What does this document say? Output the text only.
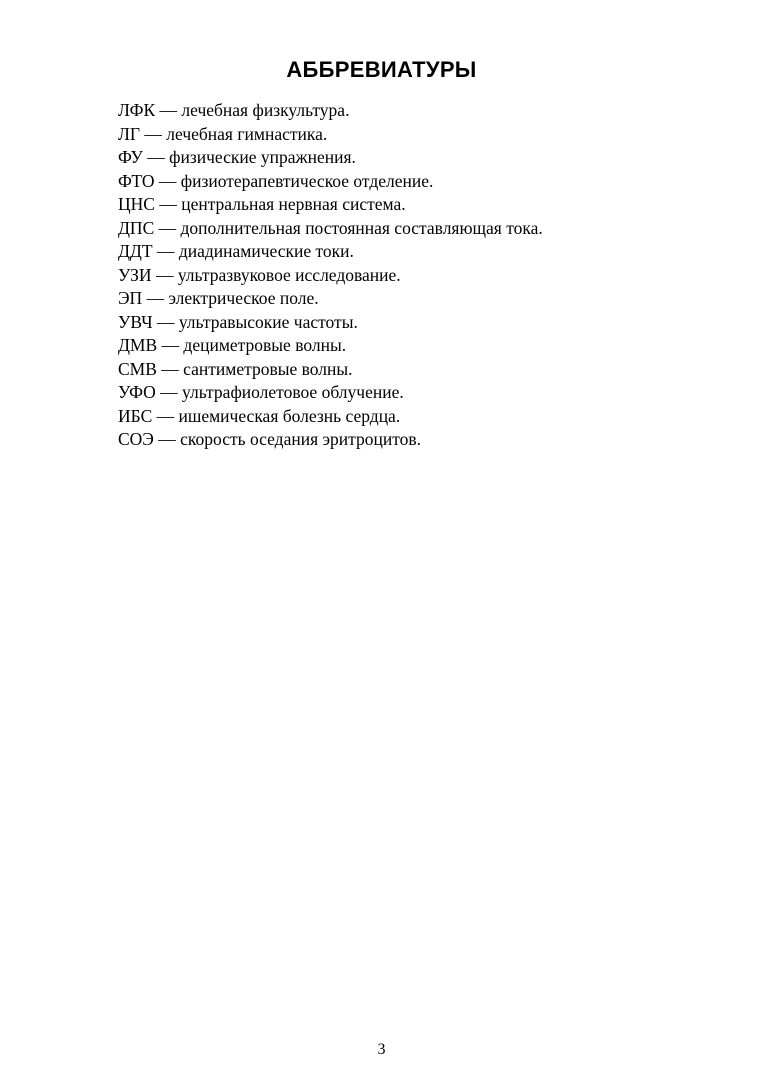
АББРЕВИАТУРЫ
ЛФК — лечебная физкультура.
ЛГ — лечебная гимнастика.
ФУ — физические упражнения.
ФТО — физиотерапевтическое отделение.
ЦНС — центральная нервная система.
ДПС — дополнительная постоянная составляющая тока.
ДДТ — диадинамические токи.
УЗИ — ультразвуковое исследование.
ЭП — электрическое поле.
УВЧ — ультравысокие частоты.
ДМВ — дециметровые волны.
СМВ — сантиметровые волны.
УФО — ультрафиолетовое облучение.
ИБС — ишемическая болезнь сердца.
СОЭ — скорость оседания эритроцитов.
3
